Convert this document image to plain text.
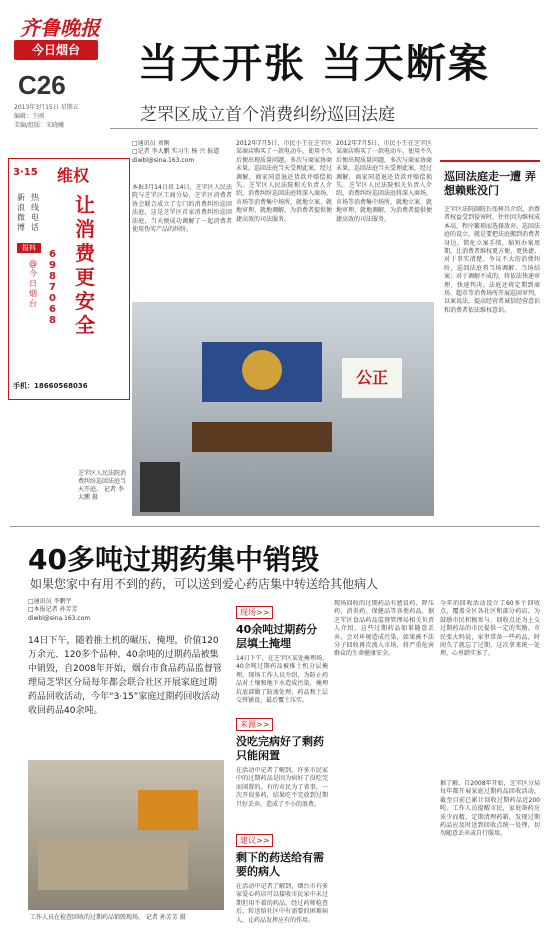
齐鲁晚报
今日烟台
C26
2013年3月15日 星期五
编辑：王刚
美编/组版：宋晓曦
当天开张 当天断案
芝罘区成立首个消费纠纷巡回法庭
3·15 维权
让消费更安全
热线电话
新浪微博
报料
6987068
@今日烟台
手机：18660568036
□通讯员 刘刚
□记者 李大鹏 实习生 杨 兴 报道
diwbl@sina.163.com
本报3月14日讯 14日，芝罘区人民法院与芝罘区工商分局、芝罘区消费者协会联合成立了专门的消费纠纷巡回法庭，这是芝罘区首家消费纠纷巡回法庭，当天便成功调解了一起消费者使用伪劣产品的纠纷。
2012年7月5日，市民小王在芝罘区某商店购买了一款电动车，使用不久后便出现质量问题，多次与商家协商未果。巡回法庭当天受理此案，经过调解，商家同意退还货款并赔偿损失。芝罘区人民法院相关负责人介绍，消费纠纷巡回法庭将深入商场、市场等消费集中场所，就地立案、就地审理、就地调解，为消费者提供便捷高效的司法服务。
2012年7月5日，市民小王在芝罘区某商店购买了一款电动车，使用不久后便出现质量问题，多次与商家协商未果。巡回法庭当天受理此案，经过调解，商家同意退还货款并赔偿损失。芝罘区人民法院相关负责人介绍，消费纠纷巡回法庭将深入商场、市场等消费集中场所，就地立案、就地审理、就地调解，为消费者提供便捷高效的司法服务。
公正
芝罘区人民法院消费纠纷巡回法庭当天开庭。 记者 李大鹏 摄
巡回法庭走一遭 弄想赖账没门
芝罘区法院副院长张树昌介绍，消费者权益受到侵害时，往往因为维权成本高、程序繁琐而选择放弃。巡回法庭的设立，就是要把法庭搬到消费者身边，简化立案手续，缩短办案周期，让消费者维权更方便、更快捷。对于事实清楚、争议不大的消费纠纷，巡回法庭将当场调解、当场结案；对于调解不成的，将依法快速审理、快速判决。法庭还将定期到商场、超市等消费场所开展巡回审判，以案说法，提高经营者诚信经营意识和消费者依法维权意识。
40多吨过期药集中销毁
如果您家中有用不到的药，可以送到爱心药店集中转送给其他病人
□通讯员 李鹏宇
□本报记者 孙芳芳
diwbl@sina.163.com
14日下午，随着推土机的碾压、掩埋，价值120万余元、120多个品种、40余吨的过期药品被集中销毁，自2008年开始，烟台市食品药品监督管理局芝罘区分局每年都会联合社区开展家庭过期药品回收活动，今年“3·15”家庭过期药回收活动收回药品40余吨。
工作人员在检查回收的过期药品销毁现场。 记者 孙芳芳 摄
现场>>
40余吨过期药分层填土掩埋
14日下午，在芝罘区某处掩埋场，40余吨过期药品被推土机分层掩埋。现场工作人员介绍，为防止药品对土壤和地下水造成污染，掩埋坑底部做了防渗处理，药品和土层交替铺设，最后覆土压实。
来源>>
没吃完病好了剩药只能闲置
在活动中记者了解到，许多市民家中的过期药品是因为病好了没吃完而闲置的。有的市民为了省事，一次开很多药，结果吃不完放到过期只好丢弃，造成了不小的浪费。
建议>>
剩下的药送给有需要的病人
在活动中记者了解到，烟台市有多家爱心药店可以接收市民家中未过期但用不着的药品，经过药师检查后，转送给社区中有需要的困难病人，让药品发挥应有的作用。
现场回收的过期药品有感冒药、降压药、消炎药、保健品等各类药品，据芝罘区食品药品监督管理局相关负责人介绍，这些过期药品如果随意丢弃，会对环境造成污染，如果被不法分子回收再次流入市场，将严重危害群众的生命健康安全。
今年的回收活动设立了60多个回收点，覆盖全区各社区和部分药店。为鼓励市民积极参与，回收点还为上交过期药品的市民提供一定的奖励。市民张大妈说，家里常备一些药品，时间久了就忘了过期，这次拿来统一处理，心里踏实多了。
据了解，自2008年开始，芝罘区分局每年都开展家庭过期药品回收活动，截至目前已累计回收过期药品近200吨。工作人员提醒市民，家庭备药应该少而精，定期清理药箱，发现过期药品应及时送到回收点统一处理，切勿随意丢弃或自行服用。
